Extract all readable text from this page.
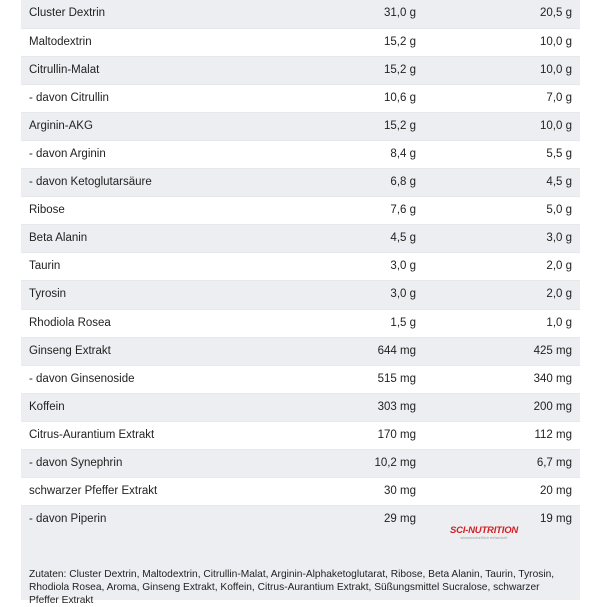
Cluster Dextrin	31,0 g	20,5 g
Maltodextrin	15,2 g	10,0 g
Citrullin-Malat	15,2 g	10,0 g
- davon Citrullin	10,6 g	7,0 g
Arginin-AKG	15,2 g	10,0 g
- davon Arginin	8,4 g	5,5 g
- davon Ketoglutarsäure	6,8 g	4,5 g
Ribose	7,6 g	5,0 g
Beta Alanin	4,5 g	3,0 g
Taurin	3,0 g	2,0 g
Tyrosin	3,0 g	2,0 g
Rhodiola Rosea	1,5 g	1,0 g
Ginseng Extrakt	644 mg	425 mg
- davon Ginsenoside	515 mg	340 mg
Koffein	303 mg	200 mg
Citrus-Aurantium Extrakt	170 mg	112 mg
- davon Synephrin	10,2 mg	6,7 mg
schwarzer Pfeffer Extrakt	30 mg	20 mg
- davon Piperin	29 mg	19 mg
SCI-NUTRITION
wissenschaftlich entwickelt
Zutaten: Cluster Dextrin, Maltodextrin, Citrullin-Malat, Arginin-Alphaketoglutarat, Ribose, Beta Alanin, Taurin, Tyrosin, Rhodiola Rosea, Aroma, Ginseng Extrakt, Koffein, Citrus-Aurantium Extrakt, Süßungsmittel Sucralose, schwarzer Pfeffer Extrakt
